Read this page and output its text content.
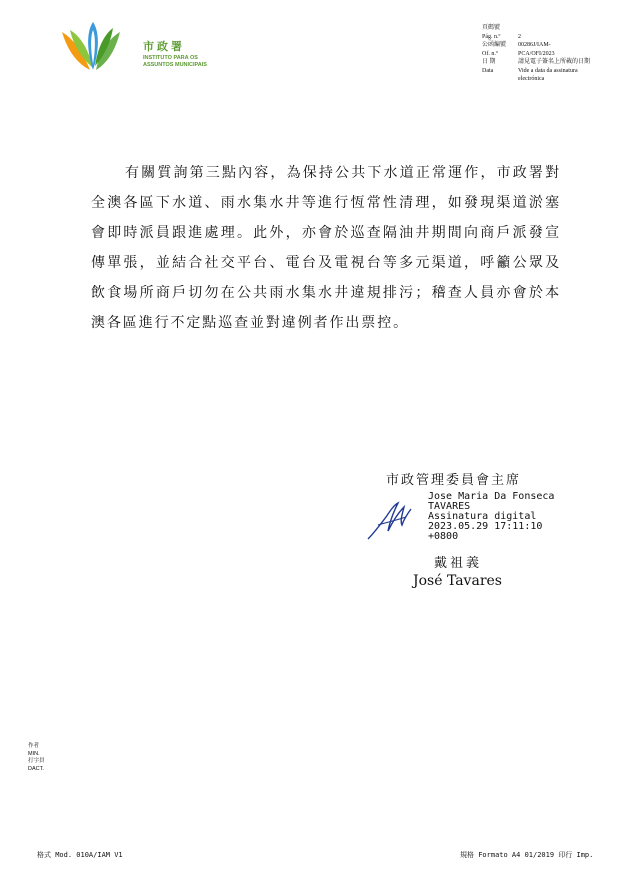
市政署
INSTITUTO PARA OS
ASSUNTOS MUNICIPAIS
頁碼號
Pág. n.º	2
公函編號	00286J/IAM-
Of. n.º	PCA/OFI/2023
日 期	請見電子簽名上所載的日期
Data	Vide a data da assinatura
electrónica
有關質詢第三點內容，為保持公共下水道正常運作，市政署對全澳各區下水道、雨水集水井等進行恆常性清理，如發現渠道淤塞會即時派員跟進處理。此外，亦會於巡查隔油井期間向商戶派發宣傳單張，並結合社交平台、電台及電視台等多元渠道，呼籲公眾及飲食場所商戶切勿在公共雨水集水井違規排污；稽查人員亦會於本澳各區進行不定點巡查並對違例者作出票控。
市政管理委員會主席
Jose Maria Da Fonseca
TAVARES
Assinatura digital
2023.05.29 17:11:10
+0800
戴祖義
José Tavares
作者
MIN.
打字員
DACT.
格式 Mod. 010A/IAM V1	規格 Formato A4 01/2019 印行 Imp.
